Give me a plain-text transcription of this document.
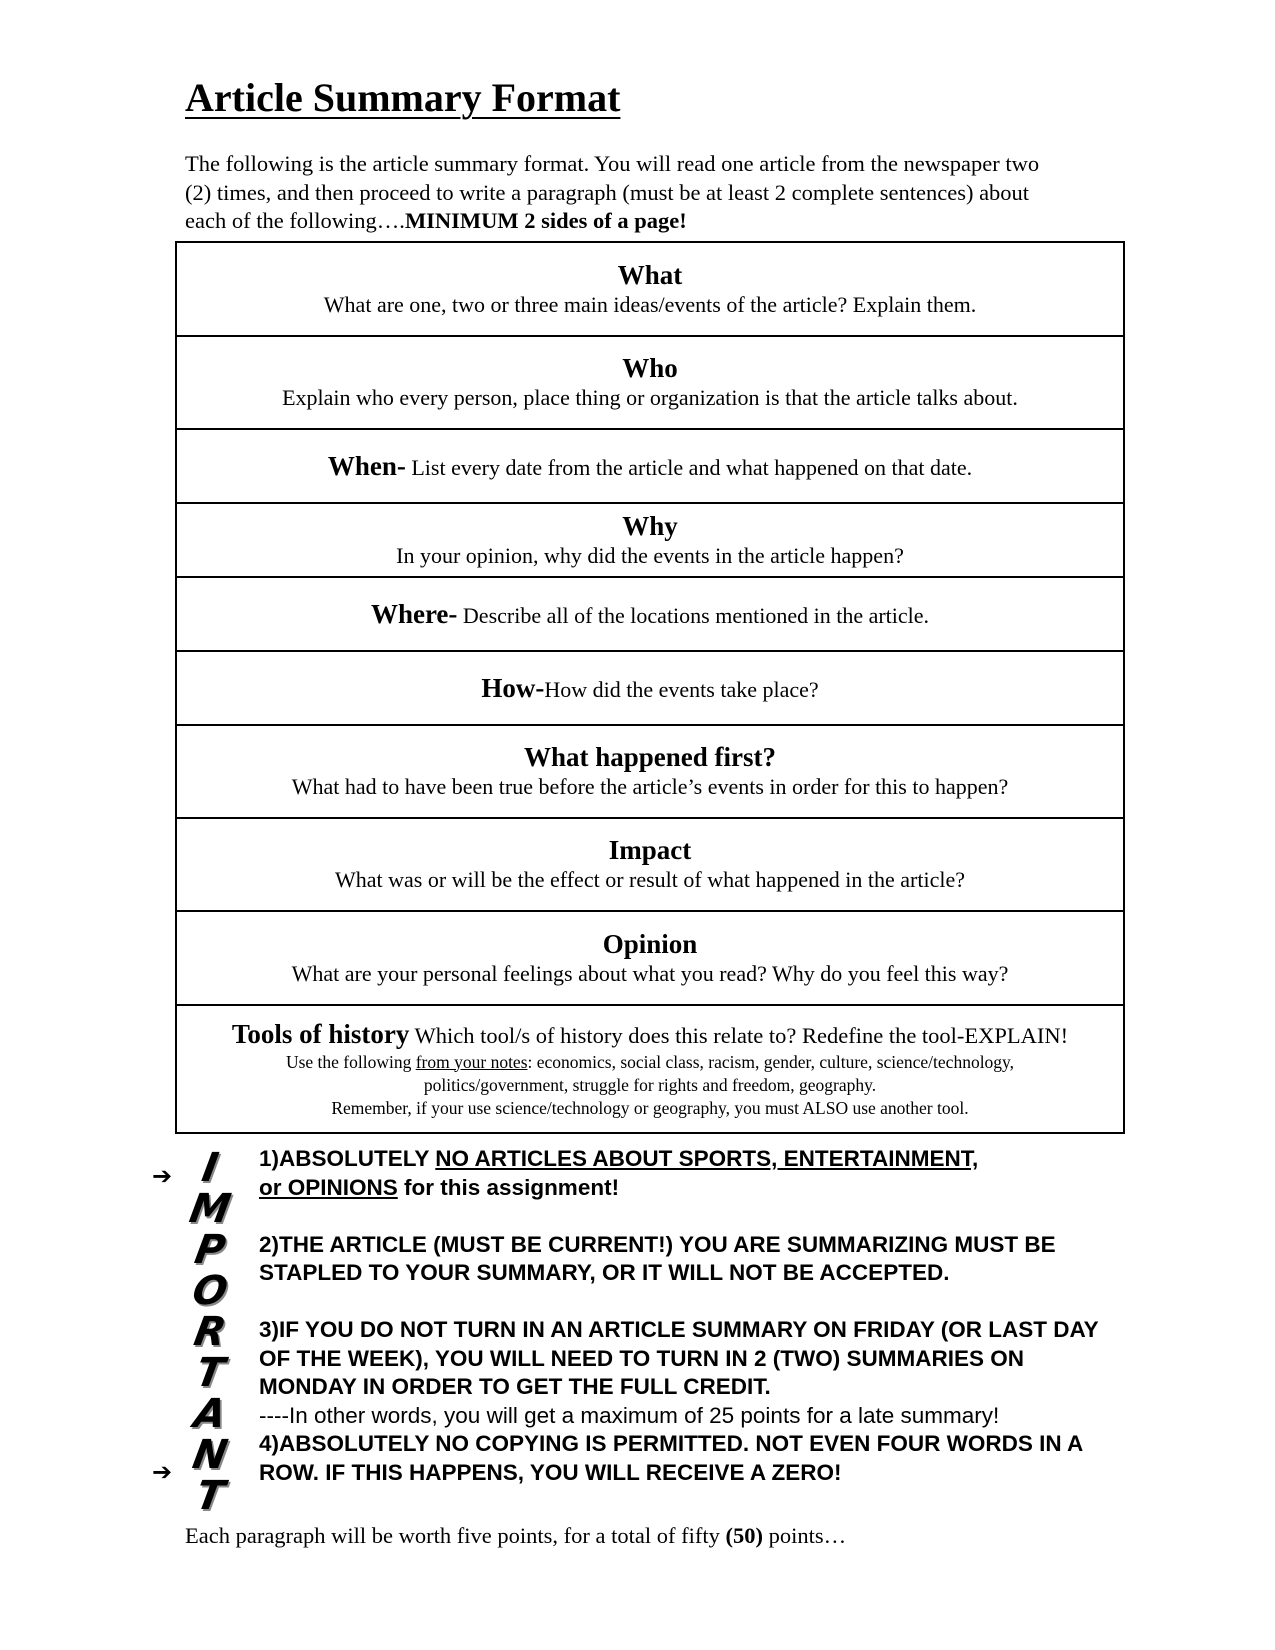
Article Summary Format
The following is the article summary format. You will read one article from the newspaper two (2) times, and then proceed to write a paragraph (must be at least 2 complete sentences) about each of the following….MINIMUM 2 sides of a page!
What
What are one, two or three main ideas/events of the article? Explain them.
Who
Explain who every person, place thing or organization is that the article talks about.
When- List every date from the article and what happened on that date.
Why
In your opinion, why did the events in the article happen?
Where- Describe all of the locations mentioned in the article.
How-How did the events take place?
What happened first?
What had to have been true before the article’s events in order for this to happen?
Impact
What was or will be the effect or result of what happened in the article?
Opinion
What are your personal feelings about what you read? Why do you feel this way?
Tools of history Which tool/s of history does this relate to? Redefine the tool-EXPLAIN!
Use the following from your notes: economics, social class, racism, gender, culture, science/technology,
politics/government, struggle for rights and freedom, geography.
Remember, if your use science/technology or geography, you must ALSO use another tool.
➔
➔
I
M
P
O
R
T
A
N
T

1)ABSOLUTELY NO ARTICLES ABOUT SPORTS, ENTERTAINMENT,
or OPINIONS for this assignment!

2)THE ARTICLE (MUST BE CURRENT!) YOU ARE SUMMARIZING MUST BE STAPLED TO YOUR SUMMARY, OR IT WILL NOT BE ACCEPTED.

3)IF YOU DO NOT TURN IN AN ARTICLE SUMMARY ON FRIDAY (OR LAST DAY OF THE WEEK), YOU WILL NEED TO TURN IN 2 (TWO) SUMMARIES ON MONDAY IN ORDER TO GET THE FULL CREDIT.

----In other words, you will get a maximum of 25 points for a late summary!

4)ABSOLUTELY NO COPYING IS PERMITTED. NOT EVEN FOUR WORDS IN A ROW. IF THIS HAPPENS, YOU WILL RECEIVE A ZERO!

Each paragraph will be worth five points, for a total of fifty (50) points…
